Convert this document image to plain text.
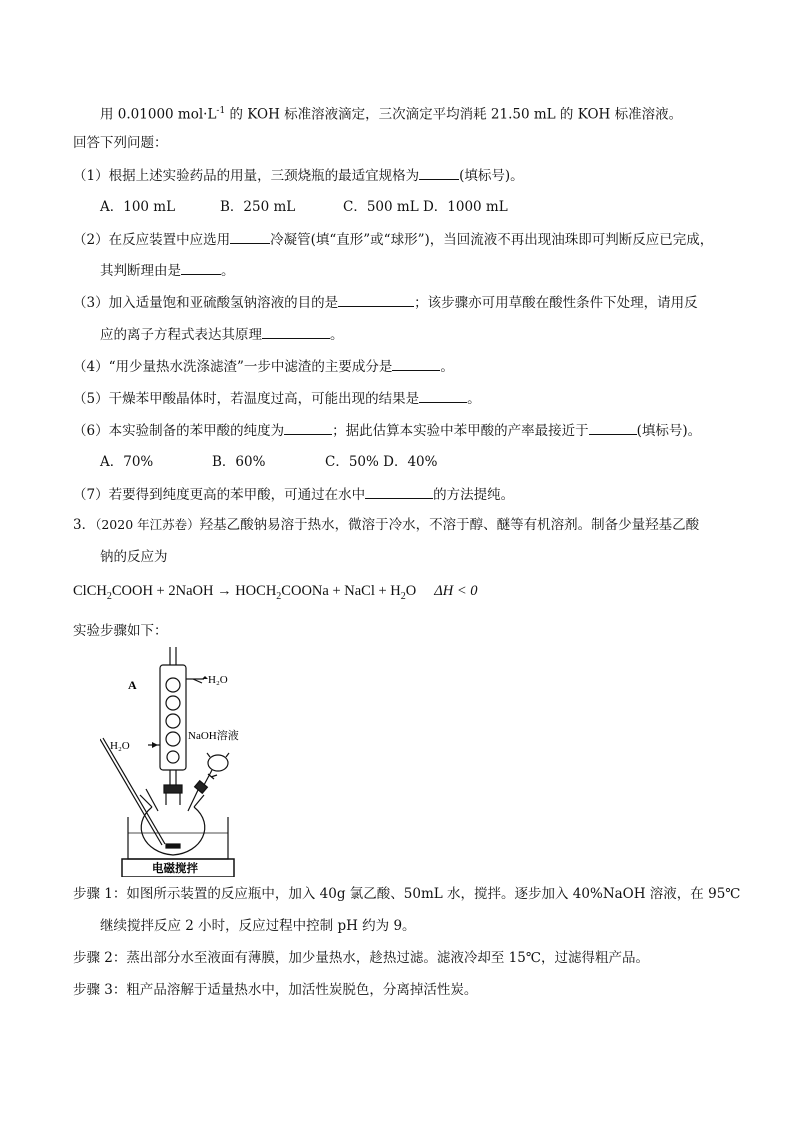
用 0.01000 $mol\cdot L^{-1}$ 的 KOH 标准溶液滴定，三次滴定平均消耗 21.50 mL 的 KOH 标准溶液。
回答下列问题：
（1）根据上述实验药品的用量，三颈烧瓶的最适宜规格为	(填标号)。
A．100 mL	B．250 mL	C．500 mL D．1000 mL
（2）在反应装置中应选用	冷凝管(填“直形”或“球形”)，当回流液不再出现油珠即可判断反应已完成，
其判断理由是	。
（3）加入适量饱和亚硫酸氢钠溶液的目的是	；该步骤亦可用草酸在酸性条件下处理，请用反
应的离子方程式表达其原理	。
（4）“用少量热水洗涤滤渣”一步中滤渣的主要成分是	。
（5）干燥苯甲酸晶体时，若温度过高，可能出现的结果是	。
（6）本实验制备的苯甲酸的纯度为	；据此估算本实验中苯甲酸的产率最接近于	(填标号)。
A．70%	B．60%	C．50% D．40%
（7）若要得到纯度更高的苯甲酸，可通过在水中	的方法提纯。
3．（2020 年江苏卷）羟基乙酸钠易溶于热水，微溶于冷水，不溶于醇、醚等有机溶剂。制备少量羟基乙酸
钠的反应为
ClCH$_2$COOH + 2NaOH → $HOCH_2COONa$ + NaCl + $H_2O$ ΔH < 0
实验步骤如下：
A	H₂O
H₂O
NaOH溶液
电磁搅拌
步骤 1：如图所示装置的反应瓶中，加入 40g 氯乙酸、50mL 水，搅拌。逐步加入 40%NaOH 溶液，在 95℃
继续搅拌反应 2 小时，反应过程中控制 pH 约为 9。
步骤 2：蒸出部分水至液面有薄膜，加少量热水，趁热过滤。滤液冷却至 15℃，过滤得粗产品。
步骤 3：粗产品溶解于适量热水中，加活性炭脱色，分离掉活性炭。
